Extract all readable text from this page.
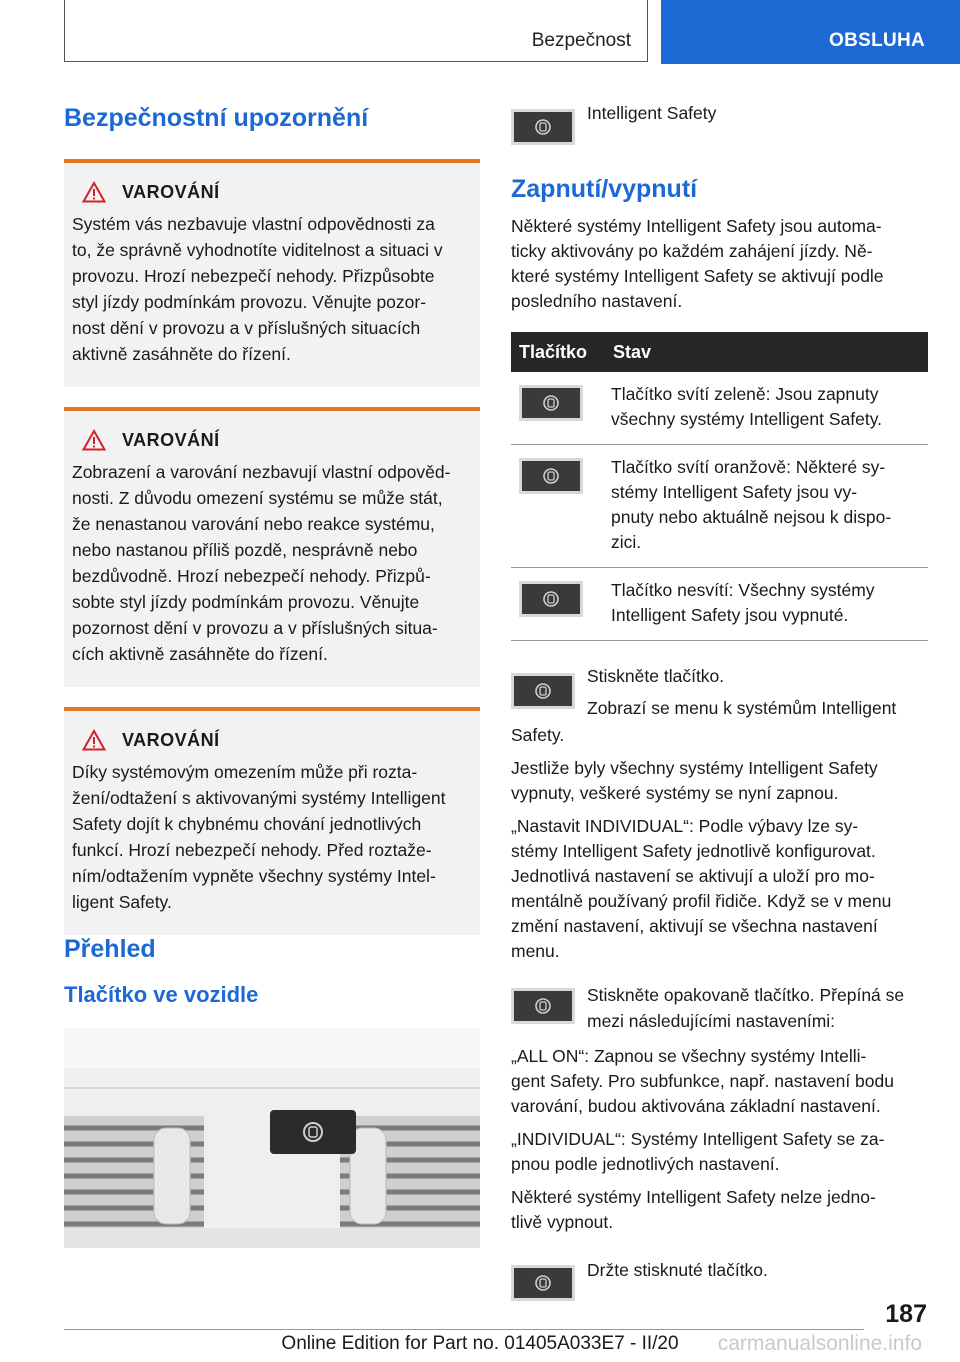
Bezpečnost	OBSLUHA
Bezpečnostní upozornění
VAROVÁNÍ
Systém vás nezbavuje vlastní odpovědnosti za
to, že správně vyhodnotíte viditelnost a situaci v
provozu. Hrozí nebezpečí nehody. Přizpůsobte
styl jízdy podmínkám provozu. Věnujte pozor-
nost dění v provozu a v příslušných situacích
aktivně zasáhněte do řízení.
VAROVÁNÍ
Zobrazení a varování nezbavují vlastní odpověd-
nosti. Z důvodu omezení systému se může stát,
že nenastanou varování nebo reakce systému,
nebo nastanou příliš pozdě, nesprávně nebo
bezdůvodně. Hrozí nebezpečí nehody. Přizpů-
sobte styl jízdy podmínkám provozu. Věnujte
pozornost dění v provozu a v příslušných situa-
cích aktivně zasáhněte do řízení.
VAROVÁNÍ
Díky systémovým omezením může při rozta-
žení/odtažení s aktivovanými systémy Intelligent
Safety dojít k chybnému chování jednotlivých
funkcí. Hrozí nebezpečí nehody. Před roztaže-
ním/odtažením vypněte všechny systémy Intel-
ligent Safety.
Přehled
Tlačítko ve vozidle
Intelligent Safety
Zapnutí/vypnutí

Některé systémy Intelligent Safety jsou automa-
ticky aktivovány po každém zahájení jízdy. Ně-
které systémy Intelligent Safety se aktivují podle
posledního nastavení.

Tlačítko	Stav

	Tlačítko svítí zeleně: Jsou zapnuty
všechny systémy Intelligent Safety.

	Tlačítko svítí oranžově: Některé sy-
stémy Intelligent Safety jsou vy-
pnuty nebo aktuálně nejsou k dispo-
zici.

	Tlačítko nesvítí: Všechny systémy
Intelligent Safety jsou vypnuté.
Stiskněte tlačítko.
Zobrazí se menu k systémům Intelligent

Safety.

Jestliže byly všechny systémy Intelligent Safety
vypnuty, veškeré systémy se nyní zapnou.

„Nastavit INDIVIDUAL“: Podle výbavy lze sy-
stémy Intelligent Safety jednotlivě konfigurovat.
Jednotlivá nastavení se aktivují a uloží pro mo-
mentálně používaný profil řidiče. Když se v menu
změní nastavení, aktivují se všechna nastavení
menu.

Stiskněte opakovaně tlačítko. Přepíná se
mezi následujícími nastaveními:

„ALL ON“: Zapnou se všechny systémy Intelli-
gent Safety. Pro subfunkce, např. nastavení bodu
varování, budou aktivována základní nastavení.

„INDIVIDUAL“: Systémy Intelligent Safety se za-
pnou podle jednotlivých nastavení.

Některé systémy Intelligent Safety nelze jedno-
tlivě vypnout.

Držte stisknuté tlačítko.
187
Online Edition for Part no. 01405A033E7 - II/20	carmanualsonline.info
